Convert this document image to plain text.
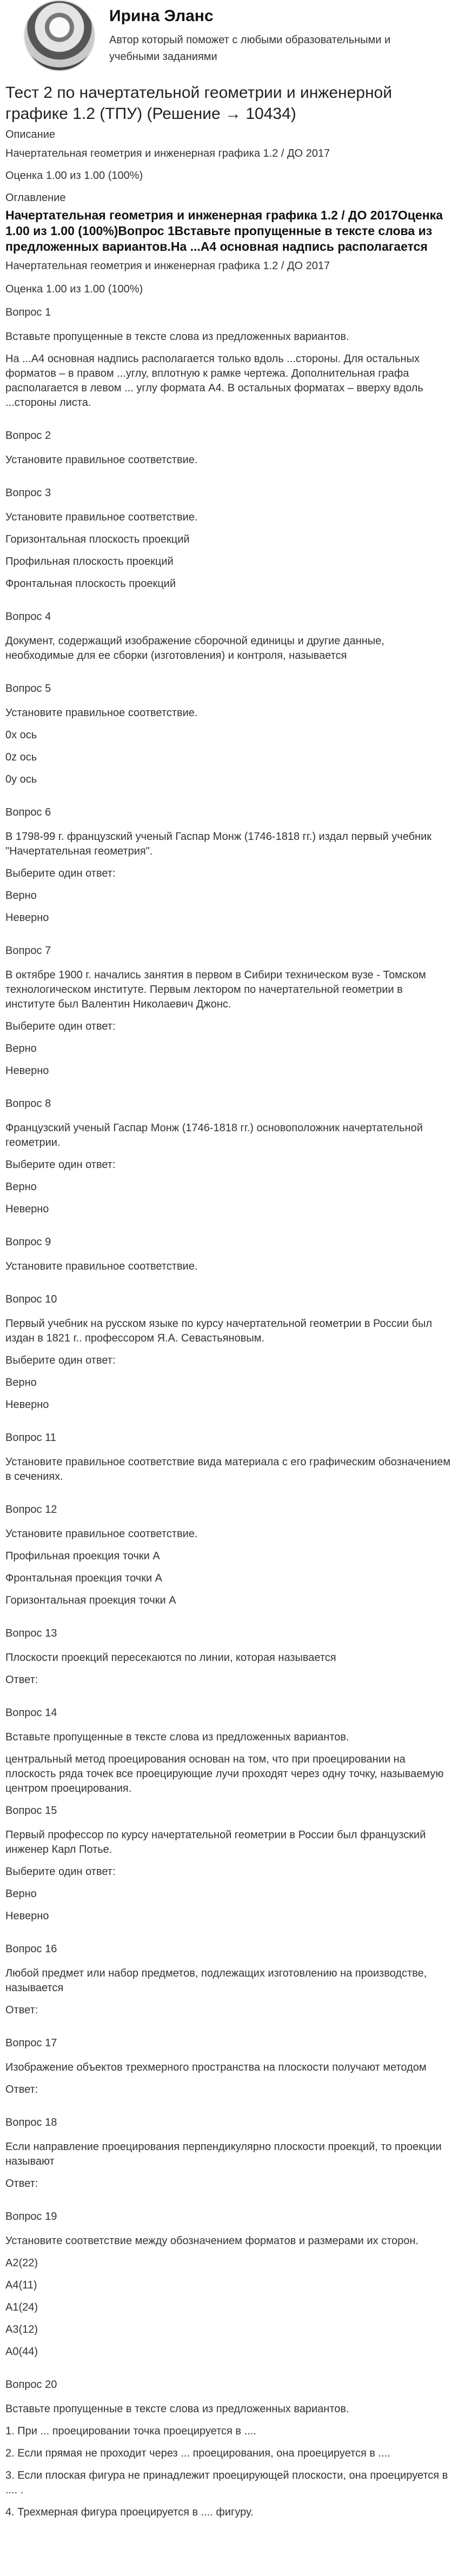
Ирина Эланс
Автор который поможет с любыми образовательными и учебными заданиями
Тест 2 по начертательной геометрии и инженерной графике 1.2 (ТПУ) (Решение → 10434)
Описание
Начертательная геометрия и инженерная графика 1.2 / ДО 2017
Оценка 1.00 из 1.00 (100%)
Оглавление
Начертательная геометрия и инженерная графика 1.2 / ДО 2017Оценка 1.00 из 1.00 (100%)Вопрос 1Вставьте пропущенные в тексте слова из предложенных вариантов.На ...А4 основная надпись располагается
Начертательная геометрия и инженерная графика 1.2 / ДО 2017
Оценка 1.00 из 1.00 (100%)
Вопрос 1

Вставьте пропущенные в тексте слова из предложенных вариантов.

На ...А4 основная надпись располагается только вдоль ...стороны. Для остальных форматов – в правом ...углу, вплотную к рамке чертежа. Дополнительная графа располагается в левом ... углу формата А4. В остальных форматах – вверху вдоль ...стороны листа.

Вопрос 2

Установите правильное соответствие.

Вопрос 3

Установите правильное соответствие.

Горизонтальная плоскость проекций
Профильная плоскость проекций
Фронтальная плоскость проекций
Вопрос 4

Документ, содержащий изображение сборочной единицы и другие данные, необходимые для ее сборки (изготовления) и контроля, называется

Вопрос 5

Установите правильное соответствие.

0x ось
0z ось
0y ось
Вопрос 6

В 1798-99 г. французский ученый Гаспар Монж (1746-1818 гг.) издал первый учебник "Начертательная геометрия".

Выберите один ответ:

Верно
Неверно
Вопрос 7

В октябре 1900 г. начались занятия в первом в Сибири техническом вузе - Томском технологическом институте. Первым лектором по начертательной геометрии в институте был Валентин Николаевич Джонс.

Выберите один ответ:

Верно
Неверно
Вопрос 8

Французский ученый Гаспар Монж (1746-1818 гг.) основоположник начертательной геометрии.

Выберите один ответ:

Верно
Неверно
Вопрос 9

Установите правильное соответствие.

Вопрос 10

Первый учебник на русском языке по курсу начертательной геометрии в России был издан в 1821 г.. профессором Я.А. Севастьяновым.

Выберите один ответ:

Верно
Неверно
Вопрос 11

Установите правильное соответствие вида материала с его графическим обозначением в сечениях.

Вопрос 12

Установите правильное соответствие.

Профильная проекция точки А
Фронтальная проекция точки А
Горизонтальная проекция точки А
Вопрос 13

Плоскости проекций пересекаются по линии, которая называется

Ответ:

Вопрос 14

Вставьте пропущенные в тексте слова из предложенных вариантов.

центральный метод проецирования основан на том, что при проецировании на плоскость ряда точек все проецирующие лучи проходят через одну точку, называемую центром проецирования.

Вопрос 15

Первый профессор по курсу начертательной геометрии в России был французский инженер Карл Потье.

Выберите один ответ:

Верно
Неверно
Вопрос 16

Любой предмет или набор предметов, подлежащих изготовлению на производстве, называется

Ответ:

Вопрос 17

Изображение объектов трехмерного пространства на плоскости получают методом

Ответ:

Вопрос 18

Если направление проецирования перпендикулярно плоскости проекций, то проекции называют

Ответ:

Вопрос 19

Установите соответствие между обозначением форматов и размерами их сторон.

А2(22)
А4(11)
А1(24)
А3(12)
А0(44)
Вопрос 20

Вставьте пропущенные в тексте слова из предложенных вариантов.

1. При ... проецировании точка проецируется в ....
2. Если прямая не проходит через ... проецирования, она проецируется в ....
3. Если плоская фигура не принадлежит проецирующей плоскости, она проецируется в .... .
4. Трехмерная фигура проецируется в .... фигуру.
